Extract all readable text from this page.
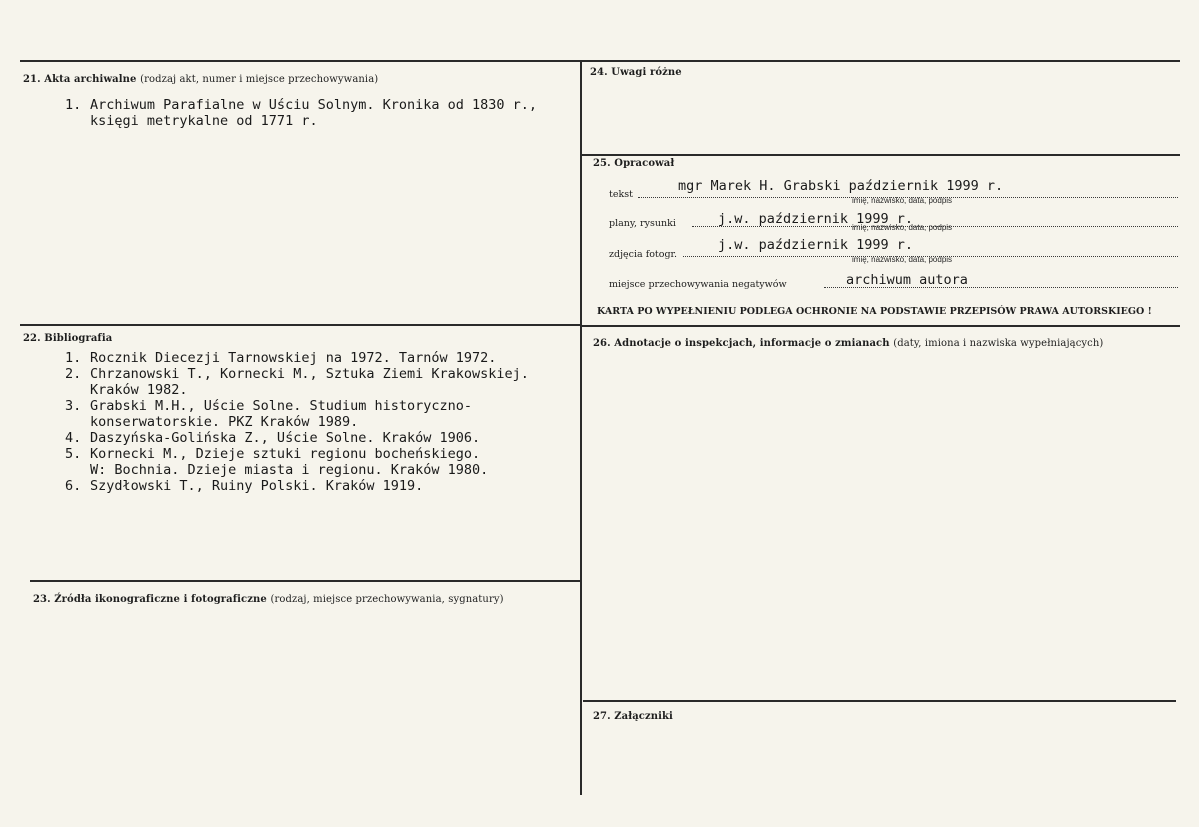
21. Akta archiwalne (rodzaj akt, numer i miejsce przechowywania)
1. Archiwum Parafialne w Uściu Solnym. Kronika od 1830 r.,
księgi metrykalne od 1771 r.
22. Bibliografia
1. Rocznik Diecezji Tarnowskiej na 1972. Tarnów 1972.
2. Chrzanowski T., Kornecki M., Sztuka Ziemi Krakowskiej.
Kraków 1982.
3. Grabski M.H., Uście Solne. Studium historyczno-
konserwatorskie. PKZ Kraków 1989.
4. Daszyńska-Golińska Z., Uście Solne. Kraków 1906.
5. Kornecki M., Dzieje sztuki regionu bocheńskiego.
W: Bochnia. Dzieje miasta i regionu. Kraków 1980.
6. Szydłowski T., Ruiny Polski. Kraków 1919.
23. Źródła ikonograficzne i fotograficzne (rodzaj, miejsce przechowywania, sygnatury)
24. Uwagi różne
25. Opracował
tekst
mgr Marek H. Grabski październik 1999 r.
imię, nazwisko, data, podpis
plany, rysunki	j.w. październik 1999 r.
imię, nazwisko, data, podpis
zdjęcia fotogr.
j.w. październik 1999 r.
imię, nazwisko, data, podpis
miejsce przechowywania negatywów	archiwum autora
KARTA PO WYPEŁNIENIU PODLEGA OCHRONIE NA PODSTAWIE PRZEPISÓW PRAWA AUTORSKIEGO !
26. Adnotacje o inspekcjach, informacje o zmianach (daty, imiona i nazwiska wypełniających)
27. Załączniki
